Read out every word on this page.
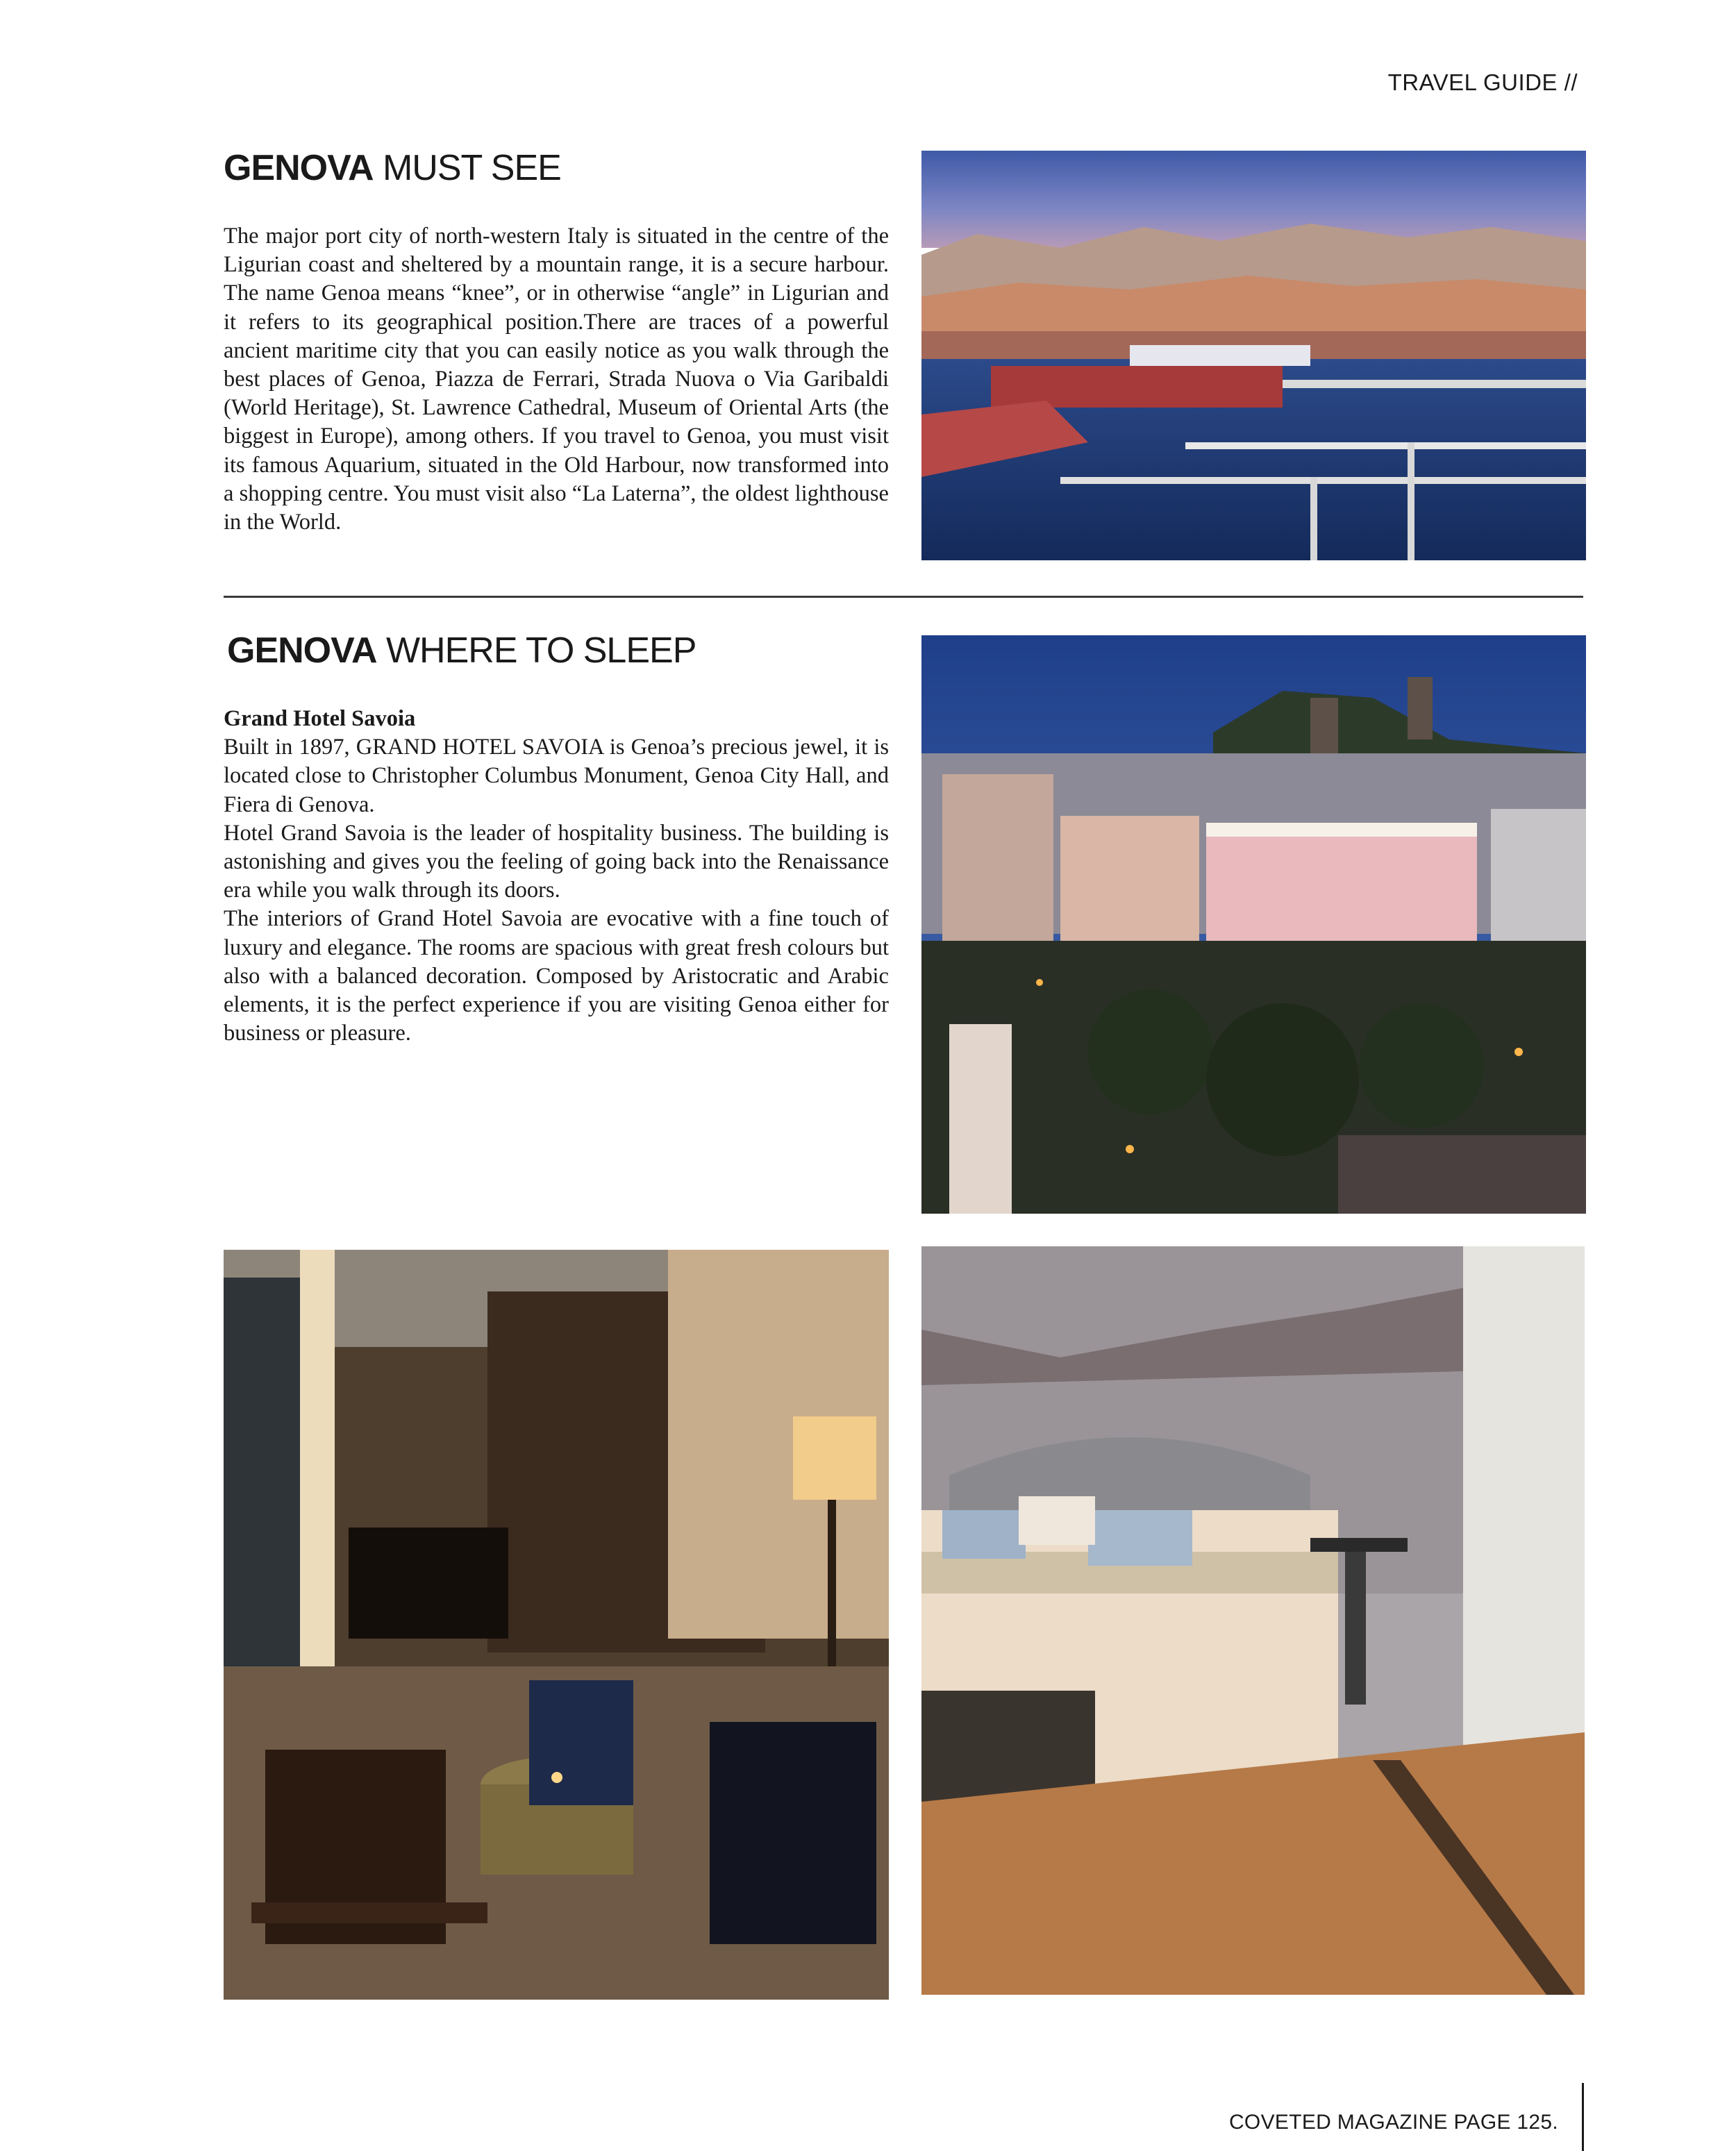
TRAVEL GUIDE //
GENOVA MUST SEE

The major port city of north-western Italy is situated in the centre of the Ligurian coast and sheltered by a mountain range, it is a secure harbour. The name Genoa means “knee”, or in otherwise “angle” in Ligurian and it refers to its geographical position.There are traces of a powerful ancient maritime city that you can easily notice as you walk through the best places of Genoa, Piazza de Ferrari, Strada Nuova o Via Garibaldi (World Heritage), St. Lawrence Cathedral, Museum of Oriental Arts (the biggest in Europe), among others. If you travel to Genoa, you must visit its famous Aquarium, situated in the Old Harbour, now transformed into a shopping centre. You must visit also “La Laterna”, the oldest lighthouse in the World.

GENOVA WHERE TO SLEEP

Grand Hotel Savoia

Built in 1897, GRAND HOTEL SAVOIA is Genoa’s precious jewel, it is located close to Christopher Columbus Monument, Genoa City Hall, and Fiera di Genova.

Hotel Grand Savoia is the leader of hospitality business. The building is astonishing and gives you the feeling of going back into the Renaissance era while you walk through its doors.

The interiors of Grand Hotel Savoia are evocative with a fine touch of luxury and elegance. The rooms are spacious with great fresh colours but also with a balanced decoration. Composed by Aristocratic and Arabic elements, it is the perfect experience if you are visiting Genoa either for business or pleasure.

COVETED MAGAZINE PAGE 125.
